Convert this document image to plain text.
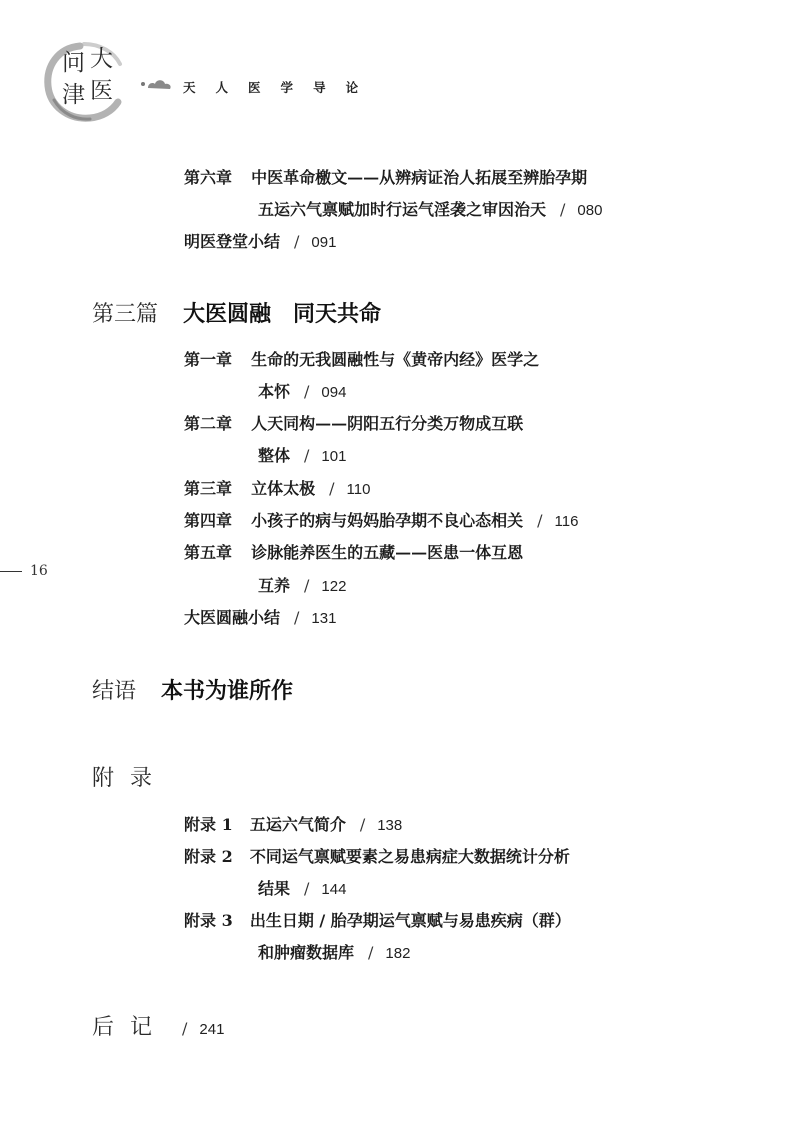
问 大
津 医	天 人 医 学 导 论
16
第六章 中医革命檄文——从辨病证治人拓展至辨胎孕期
五运六气禀赋加时行运气淫袭之审因治天 / 080
明医登堂小结 / 091
第三篇 大医圆融　同天共命
第一章 生命的无我圆融性与《黄帝内经》医学之
本怀 / 094
第二章 人天同构——阴阳五行分类万物成互联
整体 / 101
第三章 立体太极 / 110
第四章 小孩子的病与妈妈胎孕期不良心态相关 / 116
第五章 诊脉能养医生的五藏——医患一体互恩
互养 / 122
大医圆融小结 / 131
结语 本书为谁所作
附录
附录 1 五运六气简介 / 138
附录 2 不同运气禀赋要素之易患病症大数据统计分析
结果 / 144
附录 3 出生日期 / 胎孕期运气禀赋与易患疾病（群）
和肿瘤数据库 / 182
后记 / 241
